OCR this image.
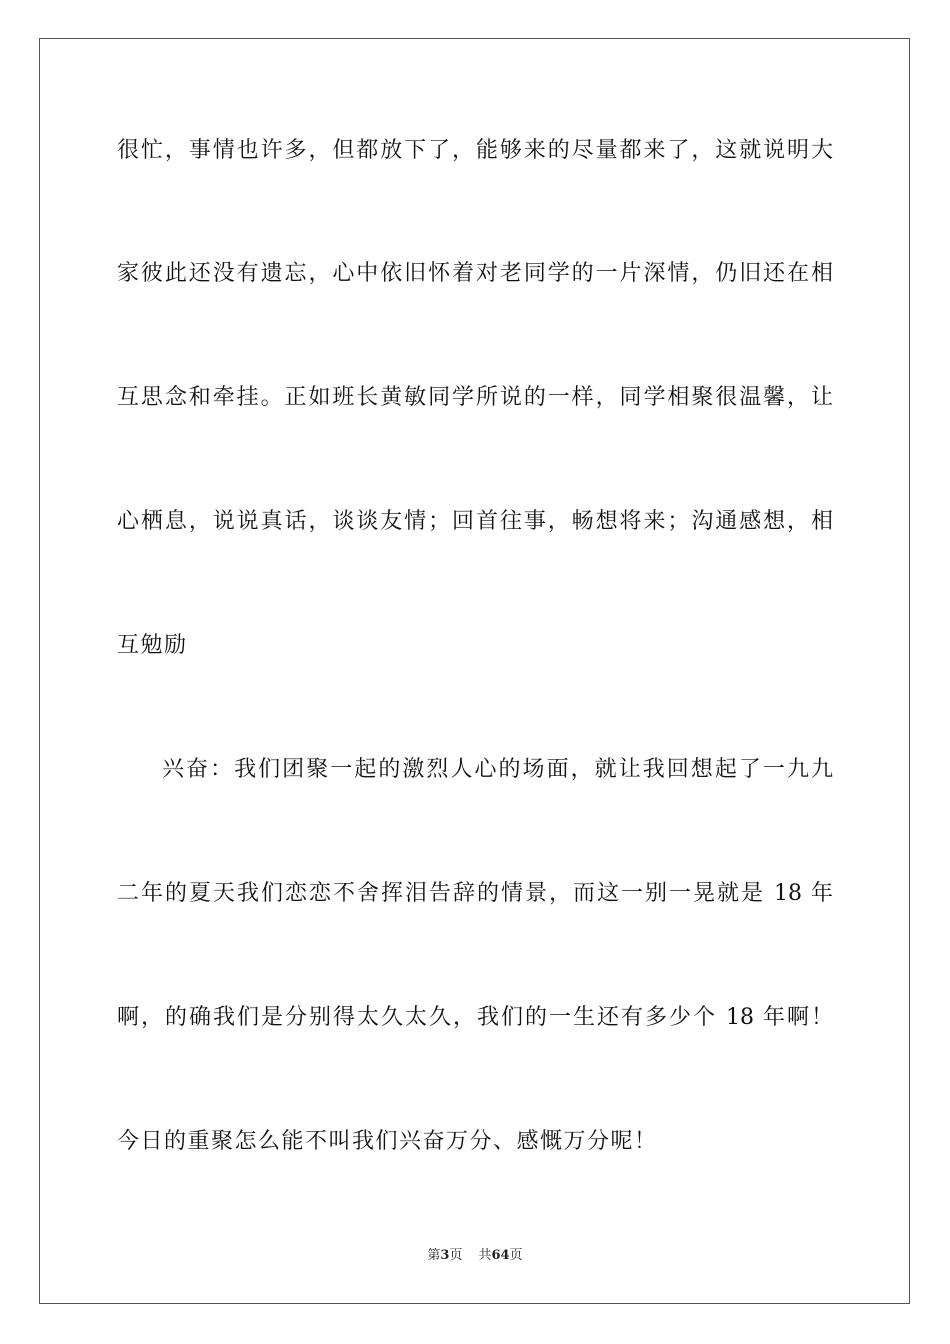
很忙，事情也许多，但都放下了，能够来的尽量都来了，这就说明大
家彼此还没有遗忘，心中依旧怀着对老同学的一片深情，仍旧还在相
互思念和牵挂。正如班长黄敏同学所说的一样，同学相聚很温馨，让
心栖息，说说真话，谈谈友情；回首往事，畅想将来；沟通感想，相
互勉励
兴奋：我们团聚一起的激烈人心的场面，就让我回想起了一九九
二年的夏天我们恋恋不舍挥泪告辞的情景，而这一别一晃就是 18 年
啊，的确我们是分别得太久太久，我们的一生还有多少个 18 年啊！
今日的重聚怎么能不叫我们兴奋万分、感慨万分呢！
第3页 共64页
